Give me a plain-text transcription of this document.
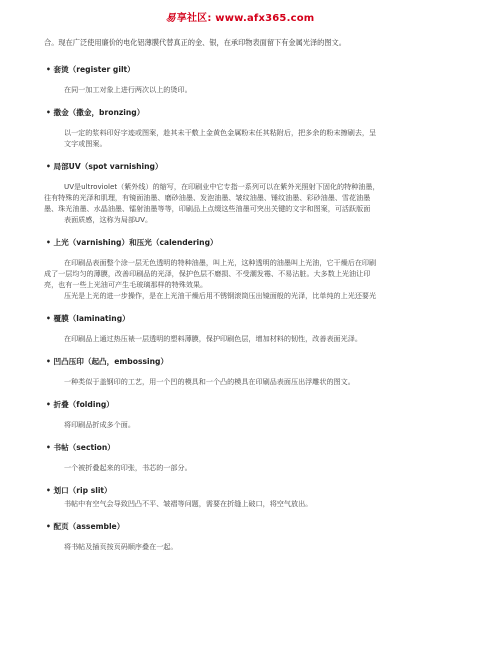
易享社区: www.afx365.com

合。现在广泛使用廉价的电化铝薄膜代替真正的金、银，在承印物表面留下有金属光泽的图文。

• 套烫（register gilt）

在同一加工对象上进行两次以上的烫印。

• 撒金（撒金，bronzing）

以一定的浆料印好字迹或图案，趁其未干敷上金黄色金属粉末任其粘附后，把多余的粉末擦刷去，呈

文字或图案。

• 局部UV（spot varnishing）

UV是ultroviolet（紫外线）的缩写，在印刷业中它专指一系列可以在紫外光照射下固化的特种油墨，

往有特殊的光泽和肌理，有镜面油墨、磨砂油墨、发泡油墨、皱纹油墨、锤纹油墨、彩砂油墨、雪花油墨

墨、珠光油墨、水晶油墨、镭射油墨等等，印刷品上点缀这些油墨可突出关键的文字和图案，可活跃版面

表面质感，这称为局部UV。

• 上光（varnishing）和压光（calendering）

在印刷品表面整个涂一层无色透明的特种油墨，叫上光，这种透明的油墨叫上光油，它干燥后在印刷

成了一层均匀的薄膜，改善印刷品的光泽，保护色层不磨损、不受潮发霉、不易沾脏。大多数上光油让印

亮，也有一些上光油可产生毛玻璃那样的特殊效果。

压光是上光的进一步操作，是在上光油干燥后用不锈钢滚筒压出镜面般的光泽，比单纯的上光还要光

• 覆膜（laminating）

在印刷品上通过热压裱一层透明的塑料薄膜，保护印刷色层，增加材料的韧性，改善表面光泽。

• 凹凸压印（起凸，embossing）

一种类似于盖钢印的工艺，用一个凹的模具和一个凸的模具在印刷品表面压出浮雕状的图文。

• 折叠（folding）

将印刷品折成多个面。

• 书帖（section）

一个被折叠起来的印张，书芯的一部分。

• 划口（rip slit）

书帖中有空气会导致凹凸不平、皱褶等问题，需要在折缝上破口，将空气放出。

• 配页（assemble）

将书帖及插页按页码顺序叠在一起。
